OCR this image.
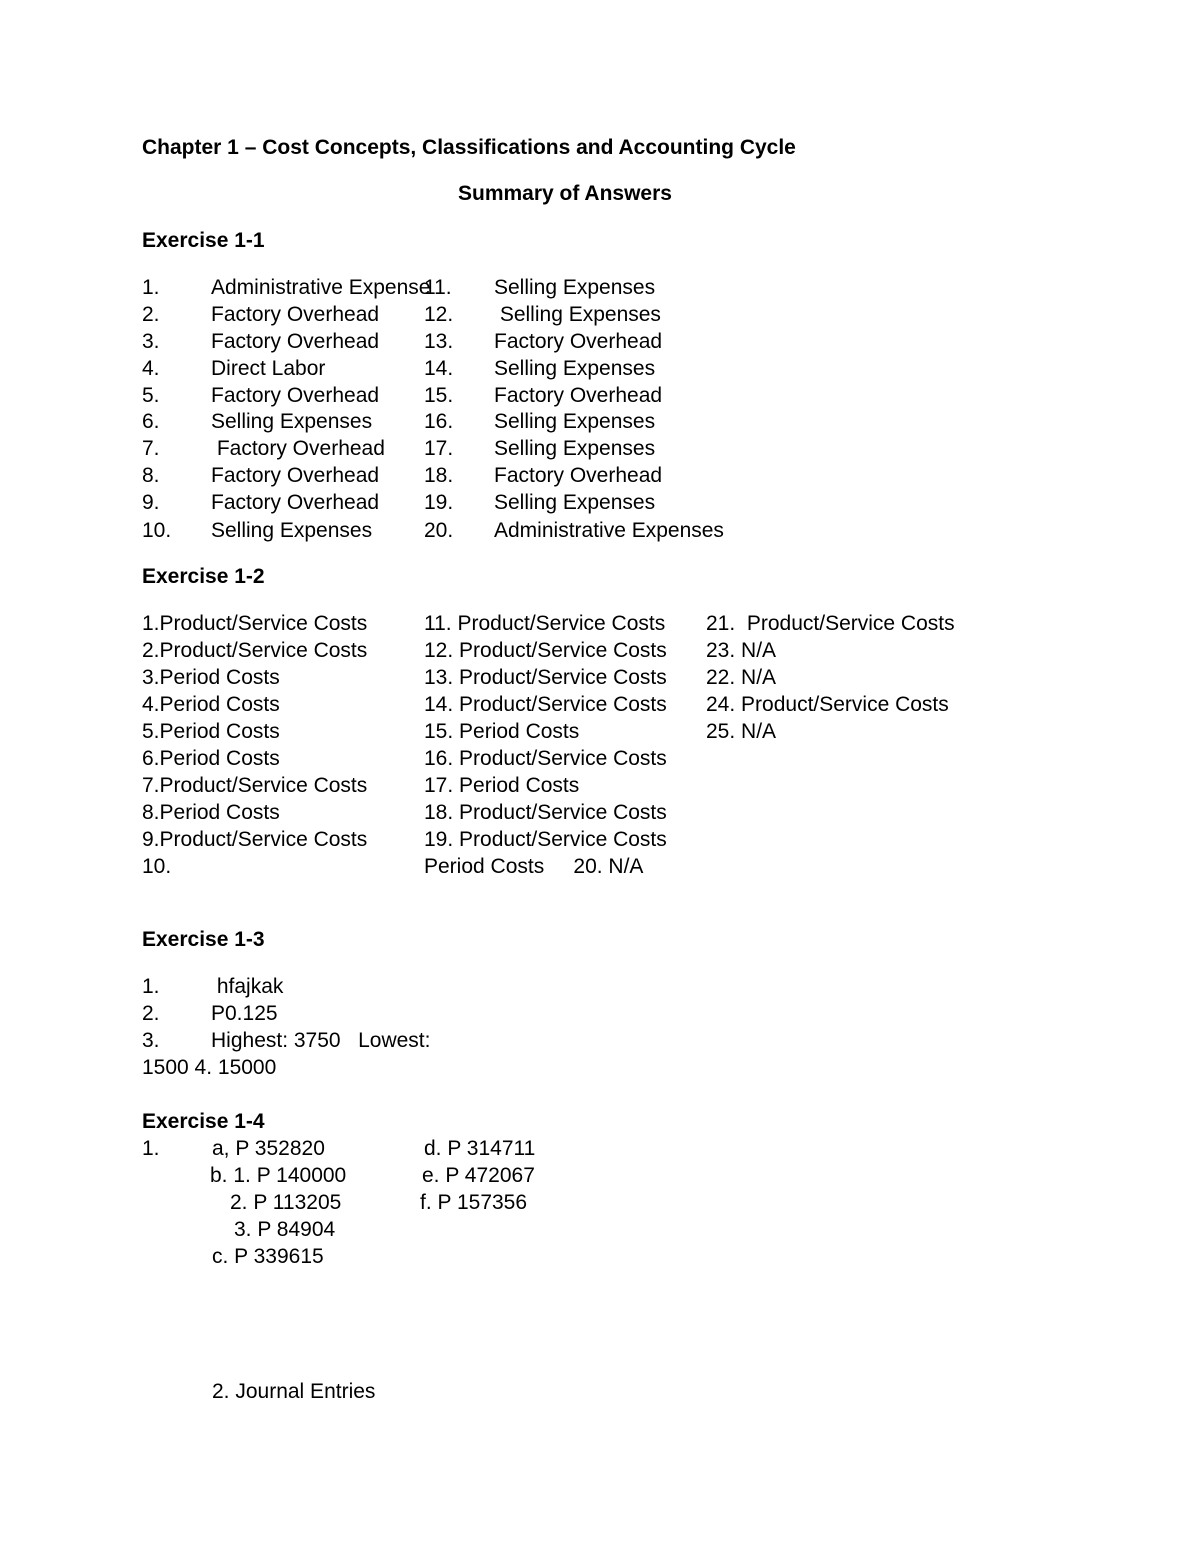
Chapter 1 – Cost Concepts, Classifications and Accounting Cycle
Summary of Answers
Exercise 1-1
1. Administrative Expense
2. Factory Overhead
3. Factory Overhead
4. Direct Labor
5. Factory Overhead
6. Selling Expenses
7. Factory Overhead
8. Factory Overhead
9. Factory Overhead
10. Selling Expenses
11. Selling Expenses
12. Selling Expenses
13. Factory Overhead
14. Selling Expenses
15. Factory Overhead
16. Selling Expenses
17. Selling Expenses
18. Factory Overhead
19. Selling Expenses
20. Administrative Expenses
Exercise 1-2
1.Product/Service Costs
2.Product/Service Costs
3.Period Costs
4.Period Costs
5.Period Costs
6.Period Costs
7.Product/Service Costs
8.Period Costs
9.Product/Service Costs
10.
11. Product/Service Costs
12. Product/Service Costs
13. Product/Service Costs
14. Product/Service Costs
15. Period Costs
16. Product/Service Costs
17. Period Costs
18. Product/Service Costs
19. Product/Service Costs
Period Costs     20. N/A
21.  Product/Service Costs
22. N/A
23. N/A
24. Product/Service Costs
25. N/A
Exercise 1-3
1. hfajkak
2. P0.125
3. Highest: 3750   Lowest:
1500 4. 15000
Exercise 1-4
1. a, P 352820
b. 1. P 140000
2. P 113205
3. P 84904
c. P 339615
d. P 314711
e. P 472067
f. P 157356
2. Journal Entries
